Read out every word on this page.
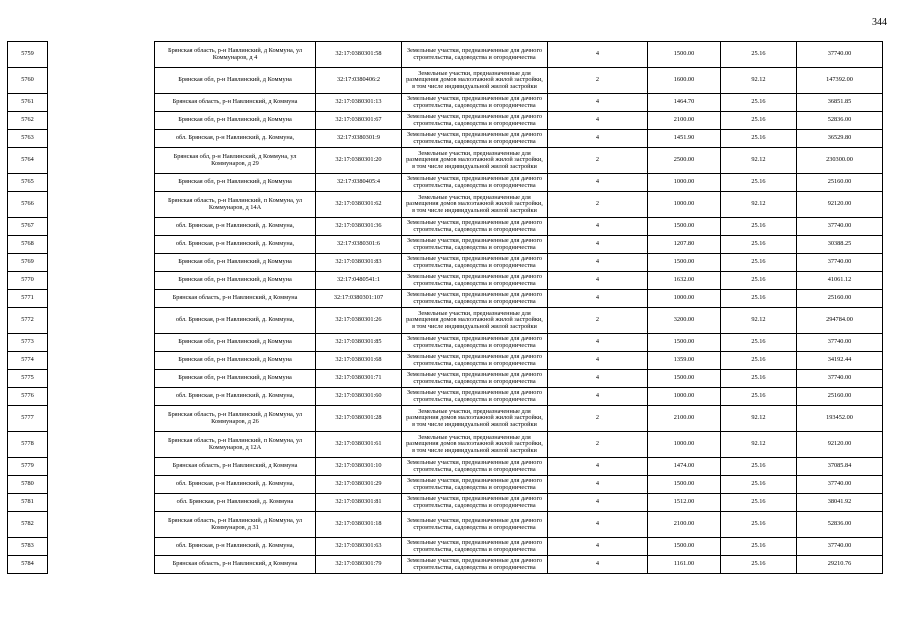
344
5759		Брянская область, р-н Навлинский, д Коммуна, ул Коммунаров, д 4	32:17:0380301:58	Земельные участки, предназначенные для дачного строительства, садоводства и огородничества	4	1500.00	25.16	37740.00
5760		Брянская обл, р-н Навлинский, д Коммуна	32:17:0380406:2	Земельные участки, предназначенные для размещения домов малоэтажной жилой застройки, в том числе индивидуальной жилой застройки	2	1600.00	92.12	147392.00
5761		Брянская область, р-н Навлинский, д Коммуна	32:17:0380301:13	Земельные участки, предназначенные для дачного строительства, садоводства и огородничества	4	1464.70	25.16	36851.85
5762		Брянская обл, р-н Навлинский, д Коммуна	32:17:0380301:67	Земельные участки, предназначенные для дачного строительства, садоводства и огородничества	4	2100.00	25.16	52836.00
5763		обл. Брянская, р-н Навлинский, д. Коммуна,	32:17:0380301:9	Земельные участки, предназначенные для дачного строительства, садоводства и огородничества	4	1451.90	25.16	36529.80
5764		Брянская обл, р-н Навлинский, д Коммуна, ул Коммунаров, д 29	32:17:0380301:20	Земельные участки, предназначенные для размещения домов малоэтажной жилой застройки, в том числе индивидуальной жилой застройки	2	2500.00	92.12	230300.00
5765		Брянская обл, р-н Навлинский, д Коммуна	32:17:0380405:4	Земельные участки, предназначенные для дачного строительства, садоводства и огородничества	4	1000.00	25.16	25160.00
5766		Брянская область, р-н Навлинский, п Коммуна, ул Коммунаров, д 14А	32:17:0380301:62	Земельные участки, предназначенные для размещения домов малоэтажной жилой застройки, в том числе индивидуальной жилой застройки	2	1000.00	92.12	92120.00
5767		обл. Брянская, р-н Навлинский, д. Коммуна,	32:17:0380301:36	Земельные участки, предназначенные для дачного строительства, садоводства и огородничества	4	1500.00	25.16	37740.00
5768		обл. Брянская, р-н Навлинский, д. Коммуна,	32:17:0380301:6	Земельные участки, предназначенные для дачного строительства, садоводства и огородничества	4	1207.80	25.16	30388.25
5769		Брянская обл, р-н Навлинский, д Коммуна	32:17:0380301:83	Земельные участки, предназначенные для дачного строительства, садоводства и огородничества	4	1500.00	25.16	37740.00
5770		Брянская обл, р-н Навлинский, д Коммуна	32:17:0480541:1	Земельные участки, предназначенные для дачного строительства, садоводства и огородничества	4	1632.00	25.16	41061.12
5771		Брянская область, р-н Навлинский, д Коммуна	32:17:0380301:107	Земельные участки, предназначенные для дачного строительства, садоводства и огородничества	4	1000.00	25.16	25160.00
5772		обл. Брянская, р-н Навлинский, д. Коммуна,	32:17:0380301:26	Земельные участки, предназначенные для размещения домов малоэтажной жилой застройки, в том числе индивидуальной жилой застройки	2	3200.00	92.12	294784.00
5773		Брянская обл, р-н Навлинский, д Коммуна	32:17:0380301:85	Земельные участки, предназначенные для дачного строительства, садоводства и огородничества	4	1500.00	25.16	37740.00
5774		Брянская обл, р-н Навлинский, д Коммуна	32:17:0380301:68	Земельные участки, предназначенные для дачного строительства, садоводства и огородничества	4	1359.00	25.16	34192.44
5775		Брянская обл, р-н Навлинский, д Коммуна	32:17:0380301:71	Земельные участки, предназначенные для дачного строительства, садоводства и огородничества	4	1500.00	25.16	37740.00
5776		обл. Брянская, р-н Навлинский, д. Коммуна,	32:17:0380301:60	Земельные участки, предназначенные для дачного строительства, садоводства и огородничества	4	1000.00	25.16	25160.00
5777		Брянская область, р-н Навлинский, д Коммуна, ул Коммунаров, д 26	32:17:0380301:28	Земельные участки, предназначенные для размещения домов малоэтажной жилой застройки, в том числе индивидуальной жилой застройки	2	2100.00	92.12	193452.00
5778		Брянская область, р-н Навлинский, п Коммуна, ул Коммунаров, д 12А	32:17:0380301:61	Земельные участки, предназначенные для размещения домов малоэтажной жилой застройки, в том числе индивидуальной жилой застройки	2	1000.00	92.12	92120.00
5779		Брянская область, р-н Навлинский, д Коммуна	32:17:0380301:10	Земельные участки, предназначенные для дачного строительства, садоводства и огородничества	4	1474.00	25.16	37085.84
5780		обл. Брянская, р-н Навлинский, д. Коммуна,	32:17:0380301:29	Земельные участки, предназначенные для дачного строительства, садоводства и огородничества	4	1500.00	25.16	37740.00
5781		обл. Брянская, р-н Навлинский, д. Коммуна	32:17:0380301:81	Земельные участки, предназначенные для дачного строительства, садоводства и огородничества	4	1512.00	25.16	38041.92
5782		Брянская область, р-н Навлинский, д Коммуна, ул Коммунаров, д 31	32:17:0380301:18	Земельные участки, предназначенные для дачного строительства, садоводства и огородничества	4	2100.00	25.16	52836.00
5783		обл. Брянская, р-н Навлинский, д. Коммуна,	32:17:0380301:63	Земельные участки, предназначенные для дачного строительства, садоводства и огородничества	4	1500.00	25.16	37740.00
5784		Брянская область, р-н Навлинский, д Коммуна	32:17:0380301:79	Земельные участки, предназначенные для дачного строительства, садоводства и огородничества	4	1161.00	25.16	29210.76
